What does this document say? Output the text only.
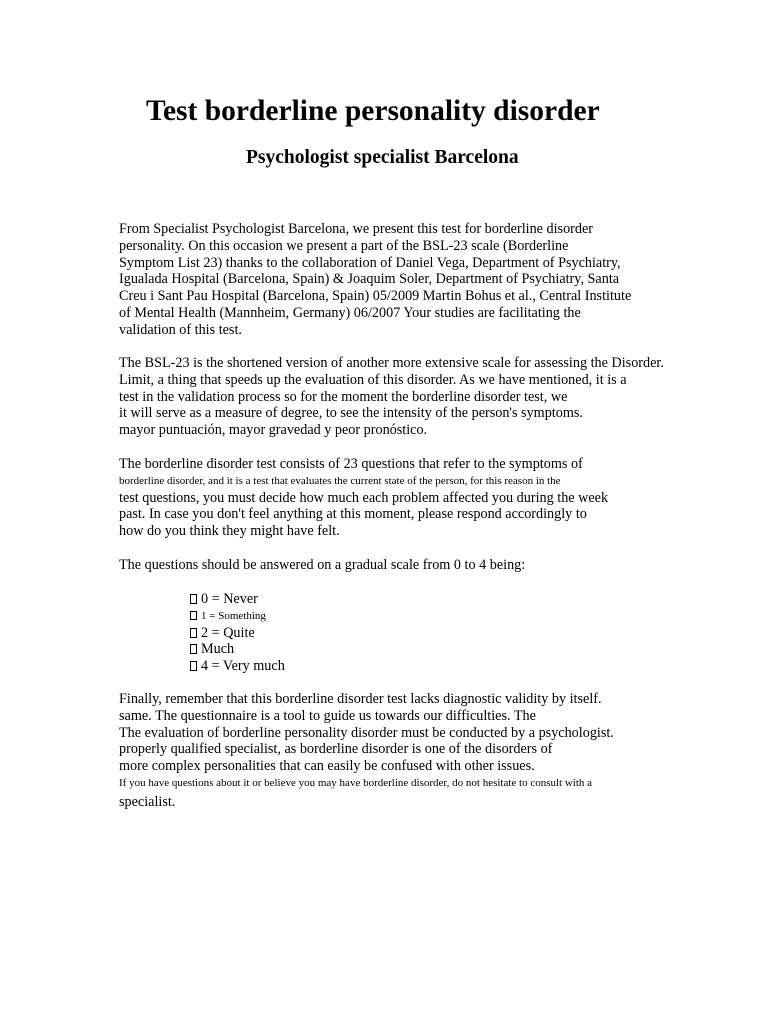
Test borderline personality disorder
Psychologist specialist Barcelona

From Specialist Psychologist Barcelona, we present this test for borderline disorder
personality. On this occasion we present a part of the BSL-23 scale (Borderline
Symptom List 23) thanks to the collaboration of Daniel Vega, Department of Psychiatry,
Igualada Hospital (Barcelona, Spain) & Joaquim Soler, Department of Psychiatry, Santa
Creu i Sant Pau Hospital (Barcelona, Spain) 05/2009 Martin Bohus et al., Central Institute
of Mental Health (Mannheim, Germany) 06/2007 Your studies are facilitating the
validation of this test.

The BSL-23 is the shortened version of another more extensive scale for assessing the Disorder.
Limit, a thing that speeds up the evaluation of this disorder. As we have mentioned, it is a
test in the validation process so for the moment the borderline disorder test, we
it will serve as a measure of degree, to see the intensity of the person's symptoms.
mayor puntuación, mayor gravedad y peor pronóstico.

The borderline disorder test consists of 23 questions that refer to the symptoms of
borderline disorder, and it is a test that evaluates the current state of the person, for this reason in the
test questions, you must decide how much each problem affected you during the week
past. In case you don't feel anything at this moment, please respond accordingly to
how do you think they might have felt.

The questions should be answered on a gradual scale from 0 to 4 being:

0 = Never
1 = Something
2 = Quite
Much
4 = Very much

Finally, remember that this borderline disorder test lacks diagnostic validity by itself.
same. The questionnaire is a tool to guide us towards our difficulties. The
The evaluation of borderline personality disorder must be conducted by a psychologist.
properly qualified specialist, as borderline disorder is one of the disorders of
more complex personalities that can easily be confused with other issues.
If you have questions about it or believe you may have borderline disorder, do not hesitate to consult with a
specialist.
